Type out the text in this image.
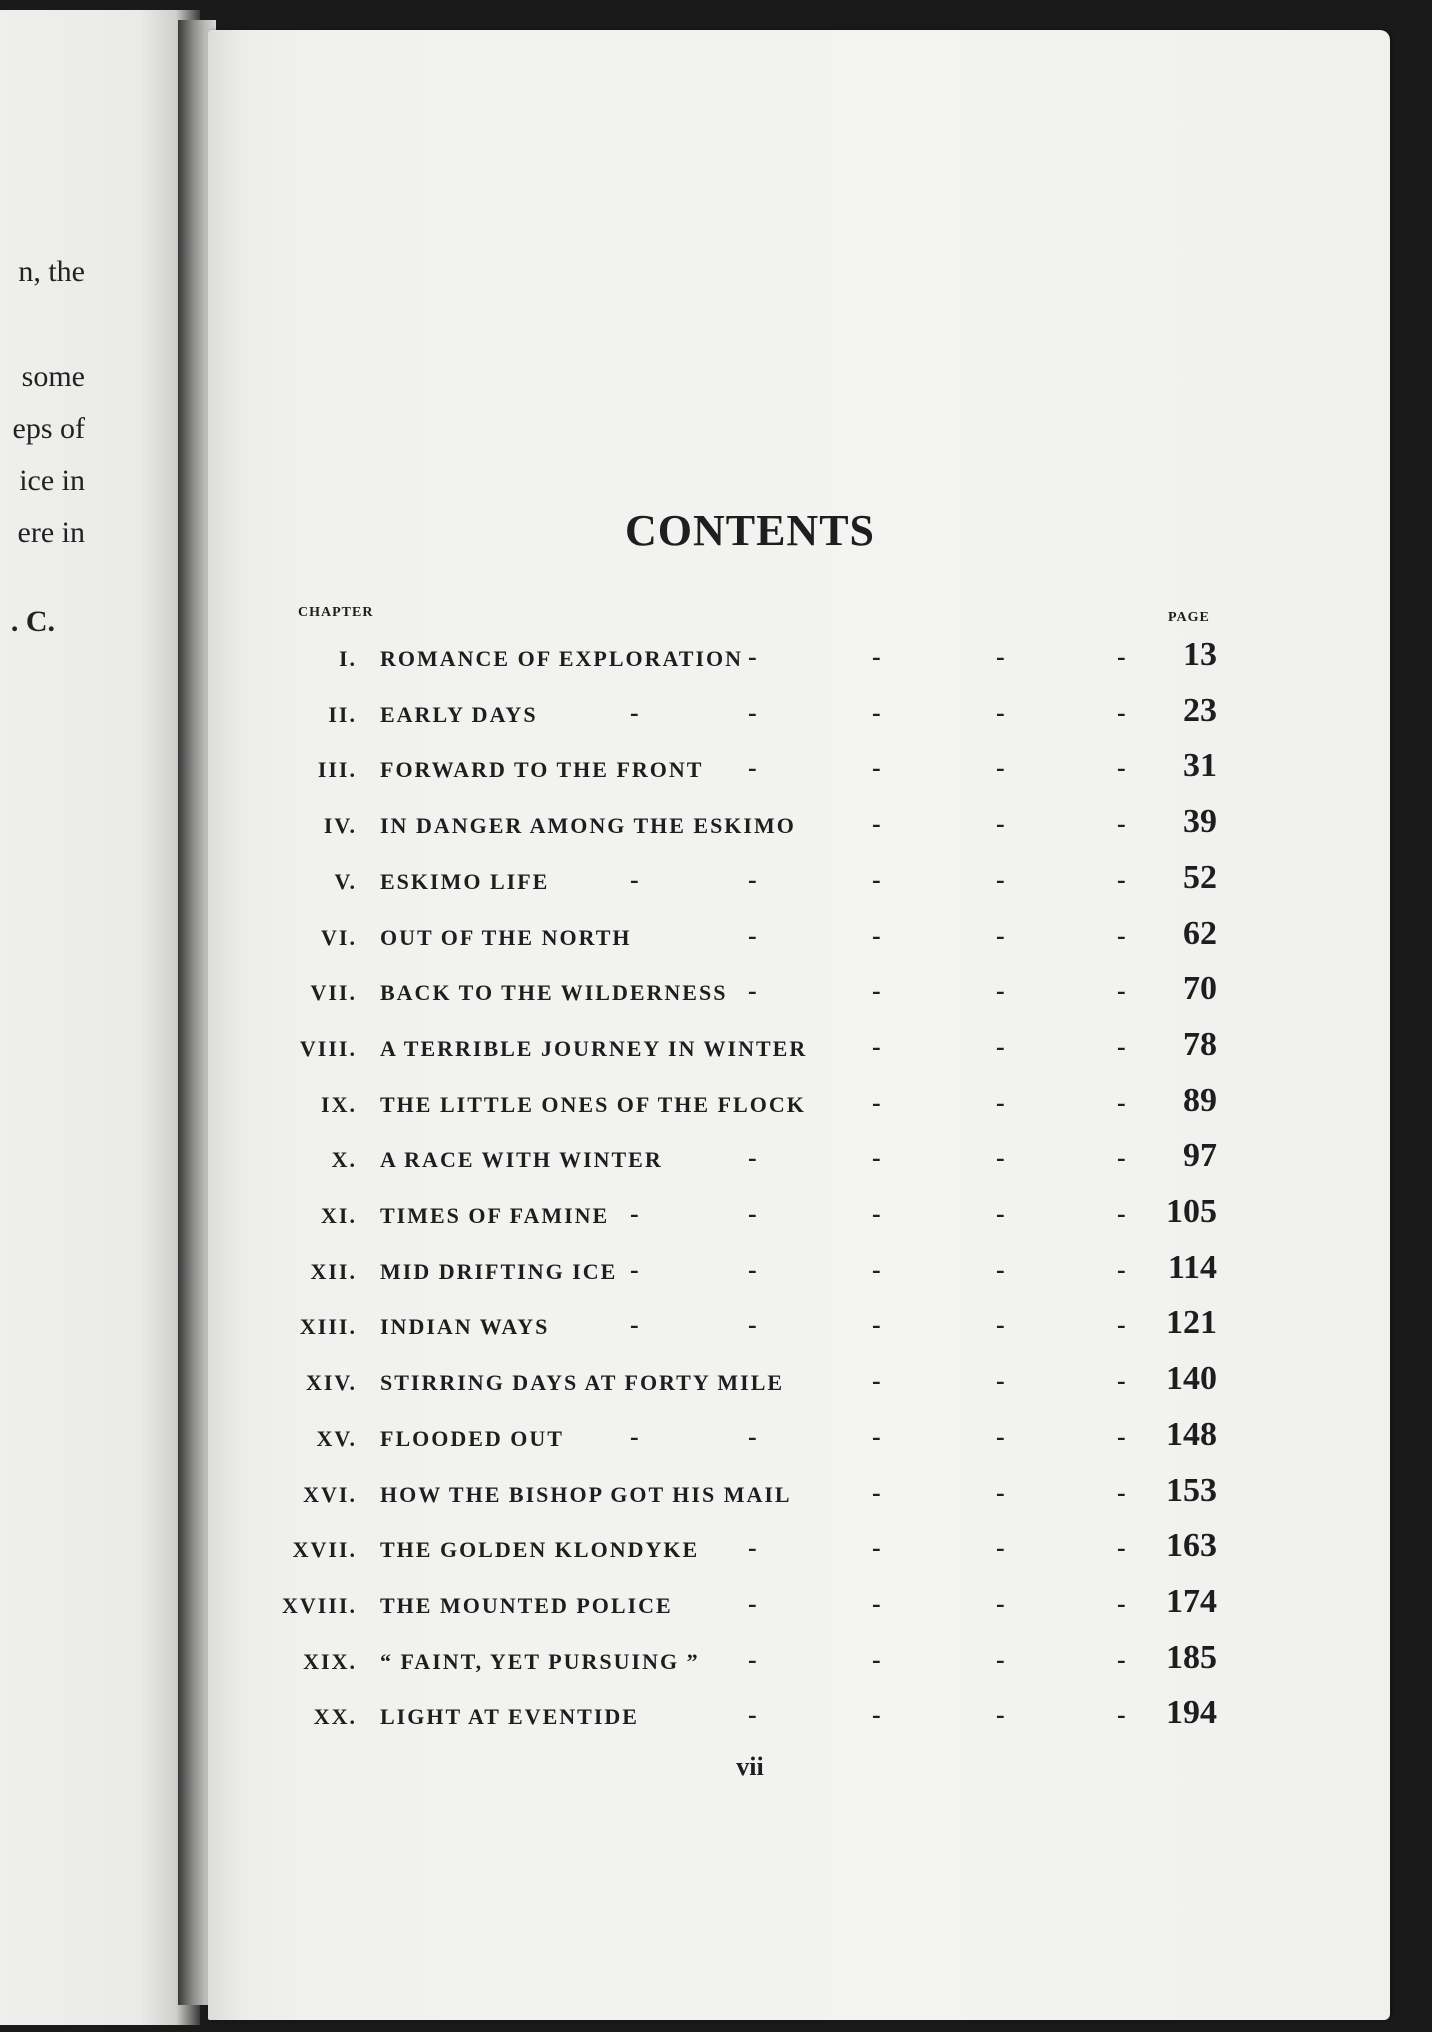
n, the
some
eps of
ice in
ere in
. C.
CONTENTS
CHAPTER	PAGE
I. ROMANCE OF EXPLORATION	13
-	-	-	-
II. EARLY DAYS	23
-	-	-	-	-
III. FORWARD TO THE FRONT	31
-	-	-	-
IV. IN DANGER AMONG THE ESKIMO	39
-	-	-
V. ESKIMO LIFE	52
-	-	-	-	-
VI. OUT OF THE NORTH	62
-	-	-	-
VII. BACK TO THE WILDERNESS	70
-	-	-	-
VIII. A TERRIBLE JOURNEY IN WINTER	78
-	-	-
IX. THE LITTLE ONES OF THE FLOCK	89
-	-	-
X. A RACE WITH WINTER	97
-	-	-	-
XI. TIMES OF FAMINE	105
-	-	-	-	-
XII. MID DRIFTING ICE	114
-	-	-	-	-
XIII. INDIAN WAYS	121
-	-	-	-	-
XIV. STIRRING DAYS AT FORTY MILE	140
-	-	-
XV. FLOODED OUT	148
-	-	-	-	-
XVI. HOW THE BISHOP GOT HIS MAIL	153
-	-	-
XVII. THE GOLDEN KLONDYKE	163
-	-	-	-
XVIII. THE MOUNTED POLICE	174
-	-	-	-
XIX. “ FAINT, YET PURSUING ”	185
-	-	-	-
XX. LIGHT AT EVENTIDE	194
-	-	-	-
vii
